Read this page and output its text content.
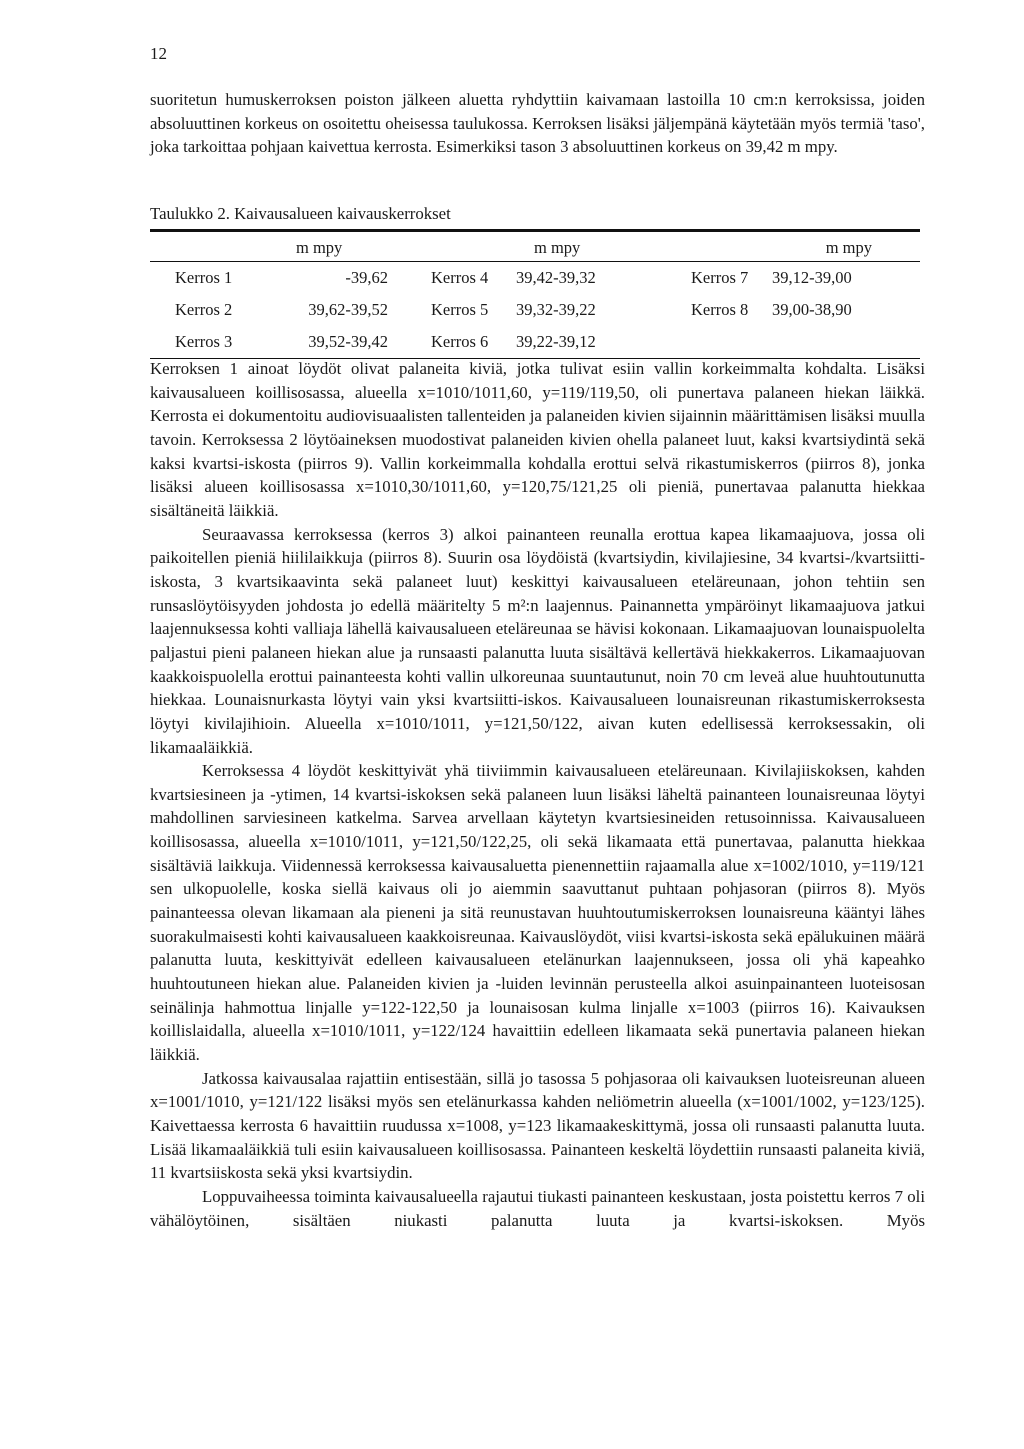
12

suoritetun humuskerroksen poiston jälkeen aluetta ryhdyttiin kaivamaan lastoilla 10 cm:n kerroksissa, joiden absoluuttinen korkeus on osoitettu oheisessa taulukossa. Kerroksen lisäksi jäljempänä käytetään myös termiä 'taso', joka tarkoittaa pohjaan kaivettua kerrosta. Esimerkiksi tason 3 absoluuttinen korkeus on 39,42 m mpy.

Taulukko 2. Kaivausalueen kaivauskerrokset
	m mpy		m mpy		m mpy
Kerros 1	-39,62	Kerros 4	39,42-39,32	Kerros 7	39,12-39,00
Kerros 2	39,62-39,52	Kerros 5	39,32-39,22	Kerros 8	39,00-38,90
Kerros 3	39,52-39,42	Kerros 6	39,22-39,12		

Kerroksen 1 ainoat löydöt olivat palaneita kiviä, jotka tulivat esiin vallin korkeimmalta kohdalta. Lisäksi kaivausalueen koillisosassa, alueella x=1010/1011,60, y=119/119,50, oli punertava palaneen hiekan läikkä. Kerrosta ei dokumentoitu audiovisuaalisten tallenteiden ja palaneiden kivien sijainnin määrittämisen lisäksi muulla tavoin. Kerroksessa 2 löytöaineksen muodostivat palaneiden kivien ohella palaneet luut, kaksi kvartsiydintä sekä kaksi kvartsi-iskosta (piirros 9). Vallin korkeimmalla kohdalla erottui selvä rikastumiskerros (piirros 8), jonka lisäksi alueen koillisosassa x=1010,30/1011,60, y=120,75/121,25 oli pieniä, punertavaa palanutta hiekkaa sisältäneitä läikkiä.

Seuraavassa kerroksessa (kerros 3) alkoi painanteen reunalla erottua kapea likamaajuova, jossa oli paikoitellen pieniä hiililaikkuja (piirros 8). Suurin osa löydöistä (kvartsiydin, kivilajiesine, 34 kvartsi-/kvartsiitti-iskosta, 3 kvartsikaavinta sekä palaneet luut) keskittyi kaivausalueen eteläreunaan, johon tehtiin sen runsaslöytöisyyden johdosta jo edellä määritelty 5 m²:n laajennus. Painannetta ympäröinyt likamaajuova jatkui laajennuksessa kohti valliaja lähellä kaivausalueen eteläreunaa se hävisi kokonaan. Likamaajuovan lounaispuolelta paljastui pieni palaneen hiekan alue ja runsaasti palanutta luuta sisältävä kellertävä hiekkakerros. Likamaajuovan kaakkoispuolella erottui painanteesta kohti vallin ulkoreunaa suuntautunut, noin 70 cm leveä alue huuhtoutunutta hiekkaa. Lounaisnurkasta löytyi vain yksi kvartsiitti-iskos. Kaivausalueen lounaisreunan rikastumiskerroksesta löytyi kivilajihioin. Alueella x=1010/1011, y=121,50/122, aivan kuten edellisessä kerroksessakin, oli likamaaläikkiä.

Kerroksessa 4 löydöt keskittyivät yhä tiiviimmin kaivausalueen eteläreunaan. Kivilajiiskoksen, kahden kvartsiesineen ja -ytimen, 14 kvartsi-iskoksen sekä palaneen luun lisäksi läheltä painanteen lounaisreunaa löytyi mahdollinen sarviesineen katkelma. Sarvea arvellaan käytetyn kvartsiesineiden retusoinnissa. Kaivausalueen koillisosassa, alueella x=1010/1011, y=121,50/122,25, oli sekä likamaata että punertavaa, palanutta hiekkaa sisältäviä laikkuja. Viidennessä kerroksessa kaivausaluetta pienennettiin rajaamalla alue x=1002/1010, y=119/121 sen ulkopuolelle, koska siellä kaivaus oli jo aiemmin saavuttanut puhtaan pohjasoran (piirros 8). Myös painanteessa olevan likamaan ala pieneni ja sitä reunustavan huuhtoutumiskerroksen lounaisreuna kääntyi lähes suorakulmaisesti kohti kaivausalueen kaakkoisreunaa. Kaivauslöydöt, viisi kvartsi-iskosta sekä epälukuinen määrä palanutta luuta, keskittyivät edelleen kaivausalueen etelänurkan laajennukseen, jossa oli yhä kapeahko huuhtoutuneen hiekan alue. Palaneiden kivien ja -luiden levinnän perusteella alkoi asuinpainanteen luoteisosan seinälinja hahmottua linjalle y=122-122,50 ja lounaisosan kulma linjalle x=1003 (piirros 16). Kaivauksen koillislaidalla, alueella x=1010/1011, y=122/124 havaittiin edelleen likamaata sekä punertavia palaneen hiekan läikkiä.

Jatkossa kaivausalaa rajattiin entisestään, sillä jo tasossa 5 pohjasoraa oli kaivauksen luoteisreunan alueen x=1001/1010, y=121/122 lisäksi myös sen etelänurkassa kahden neliömetrin alueella (x=1001/1002, y=123/125). Kaivettaessa kerrosta 6 havaittiin ruudussa x=1008, y=123 likamaakeskittymä, jossa oli runsaasti palanutta luuta. Lisää likamaaläikkiä tuli esiin kaivausalueen koillisosassa. Painanteen keskeltä löydettiin runsaasti palaneita kiviä, 11 kvartsiiskosta sekä yksi kvartsiydin.

Loppuvaiheessa toiminta kaivausalueella rajautui tiukasti painanteen keskustaan, josta poistettu kerros 7 oli vähälöytöinen, sisältäen niukasti palanutta luuta ja kvartsi-iskoksen. Myös
